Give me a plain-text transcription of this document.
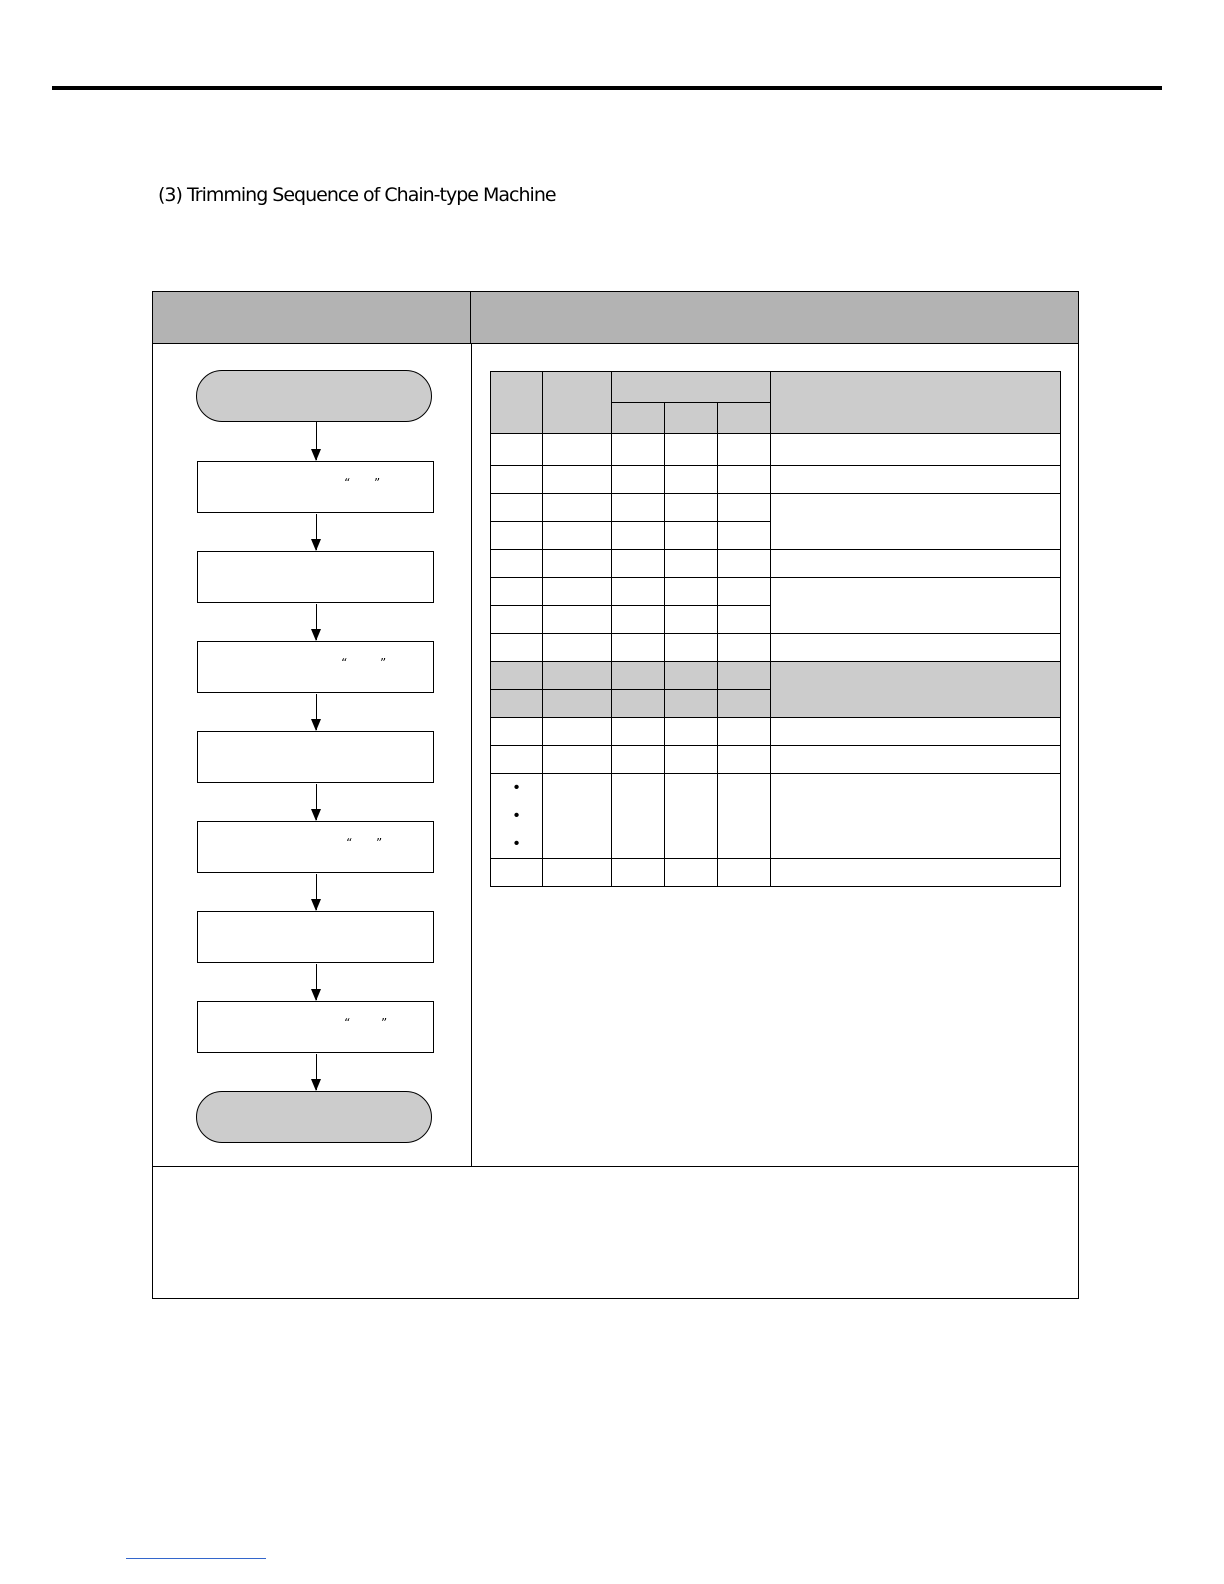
(3) Trimming Sequence of Chain-type Machine
“ ”
“	”
“ ”
“	”

•
•
•					
